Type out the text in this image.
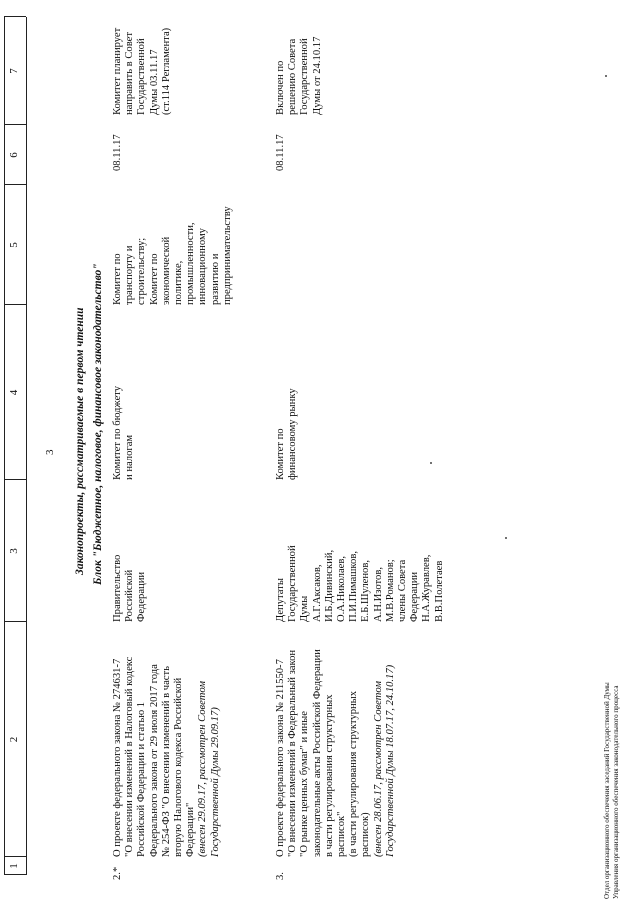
3
1
2
3
4
5
6
7
Законопроекты, рассматриваемые в первом чтении Блок "Бюджетное, налоговое, финансовое законодательство"
2.*
О проекте федерального закона № 274631-7 "О внесении изменений в Налоговый кодекс Российской Федерации и статью 1 Федерального закона от 29 июля 2017 года № 254-ФЗ "О внесении изменений в часть вторую Налогового кодекса Российской Федерации" (внесен 29.09.17, рассмотрен Советом Государственной Думы 29.09.17)
Правительство Российской Федерации
Комитет по бюджету и налогам
Комитет по транспорту и строительству; Комитет по экономической политике, промышленности, инновационному развитию и предпринимательству
08.11.17
Комитет планирует направить в Совет Государственной Думы 03.11.17 (ст.114 Регламента)
3.
О проекте федерального закона № 211550-7 "О внесении изменений в Федеральный закон "О рынке ценных бумаг" и иные законодательные акты Российской Федерации в части регулирования структурных расписок" (в части регулирования структурных расписок) (внесен 28.06.17, рассмотрен Советом Государственной Думы 18.07.17, 24.10.17)
Депутаты Государственной Думы А.Г.Аксаков, И.Б.Дивинский, О.А.Николаев, П.И.Пимашков, Е.Б.Шуленов, А.Н.Изотов, М.В.Романов; члены Совета Федерации Н.А.Журавлев, В.В.Полетаев
Комитет по финансовому рынку
08.11.17
Включен по решению Совета Государственной Думы от 24.10.17
Отдел организационного обеспечения заседаний Государственной Думы Управления организационного обеспечения законодательного процесса
